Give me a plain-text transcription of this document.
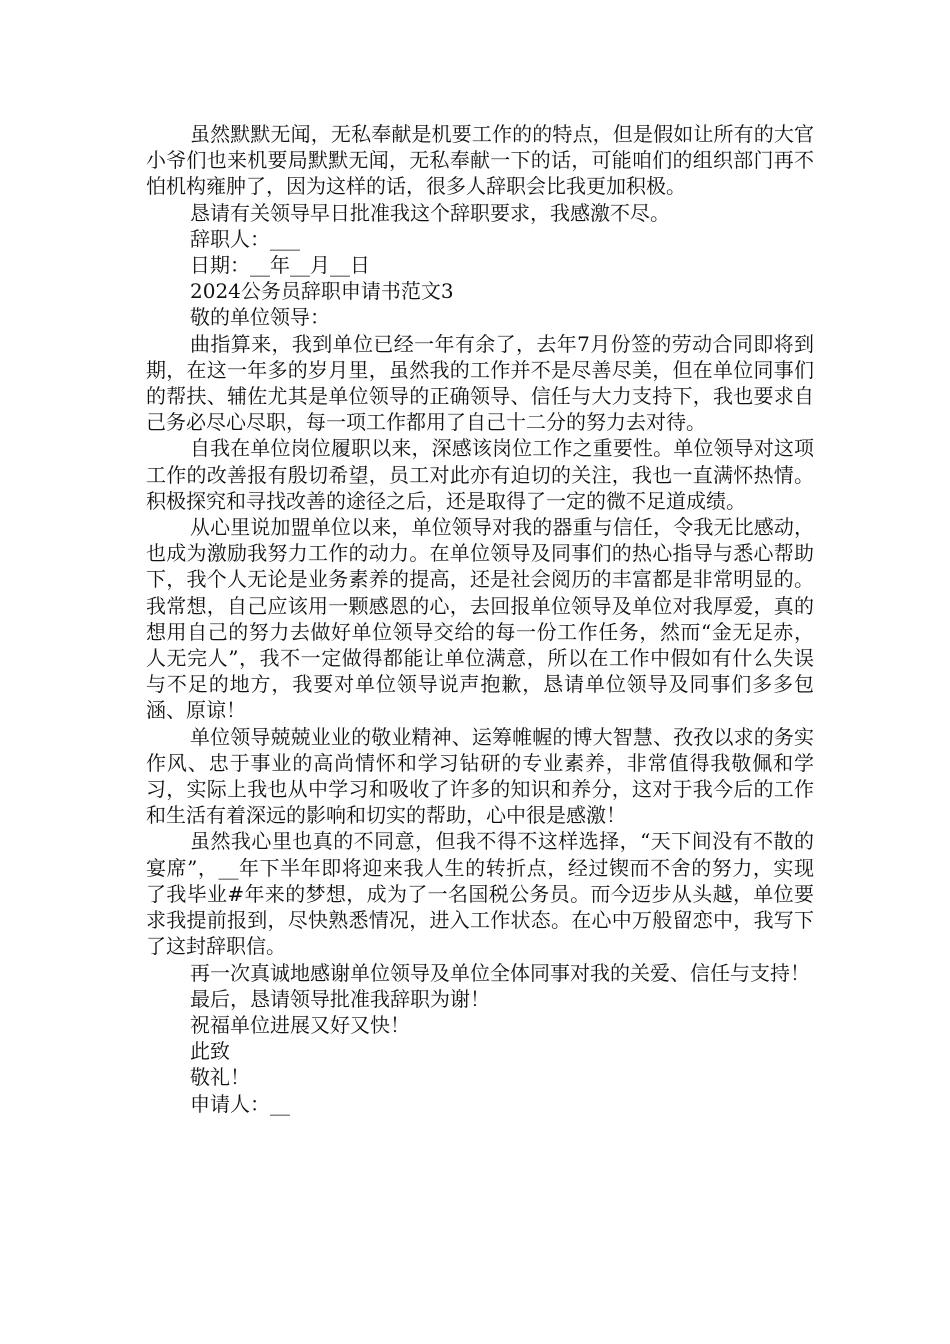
虽然默默无闻，无私奉献是机要工作的的特点，但是假如让所有的大官小爷们也来机要局默默无闻，无私奉献一下的话，可能咱们的组织部门再不怕机构雍肿了，因为这样的话，很多人辞职会比我更加积极。

恳请有关领导早日批准我这个辞职要求，我感激不尽。

辞职人：___

日期：__年__月__日

2024公务员辞职申请书范文3

敬的单位领导：

曲指算来，我到单位已经一年有余了，去年7月份签的劳动合同即将到期，在这一年多的岁月里，虽然我的工作并不是尽善尽美，但在单位同事们的帮扶、辅佐尤其是单位领导的正确领导、信任与大力支持下，我也要求自己务必尽心尽职，每一项工作都用了自己十二分的努力去对待。

自我在单位岗位履职以来，深感该岗位工作之重要性。单位领导对这项工作的改善报有殷切希望，员工对此亦有迫切的关注，我也一直满怀热情。积极探究和寻找改善的途径之后，还是取得了一定的微不足道成绩。

从心里说加盟单位以来，单位领导对我的器重与信任，令我无比感动，也成为激励我努力工作的动力。在单位领导及同事们的热心指导与悉心帮助下，我个人无论是业务素养的提高，还是社会阅历的丰富都是非常明显的。我常想，自己应该用一颗感恩的心，去回报单位领导及单位对我厚爱，真的想用自己的努力去做好单位领导交给的每一份工作任务，然而“金无足赤，人无完人”，我不一定做得都能让单位满意，所以在工作中假如有什么失误与不足的地方，我要对单位领导说声抱歉，恳请单位领导及同事们多多包涵、原谅！

单位领导兢兢业业的敬业精神、运筹帷幄的博大智慧、孜孜以求的务实作风、忠于事业的高尚情怀和学习钻研的专业素养，非常值得我敬佩和学习，实际上我也从中学习和吸收了许多的知识和养分，这对于我今后的工作和生活有着深远的影响和切实的帮助，心中很是感激！

虽然我心里也真的不同意，但我不得不这样选择，“天下间没有不散的宴席”，__年下半年即将迎来我人生的转折点，经过锲而不舍的努力，实现了我毕业#年来的梦想，成为了一名国税公务员。而今迈步从头越，单位要求我提前报到，尽快熟悉情况，进入工作状态。在心中万般留恋中，我写下了这封辞职信。

再一次真诚地感谢单位领导及单位全体同事对我的关爱、信任与支持！

最后，恳请领导批准我辞职为谢！

祝福单位进展又好又快！

此致

敬礼！

申请人：__
